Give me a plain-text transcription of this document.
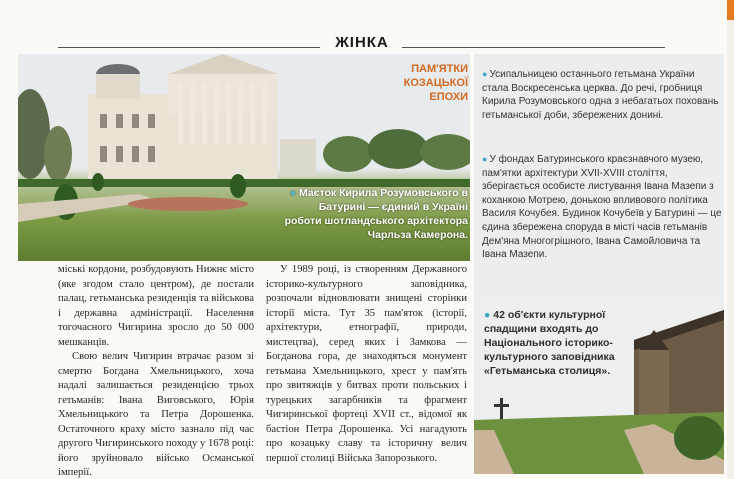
ЖІНКА
ПАМ'ЯТКИ
КОЗАЦЬКОЇ
ЕПОХИ
● Маєток Кирила Розумовського в Батурині — єдиний в Україні роботи шотландського архітектора Чарльза Камерона.

міські кордони, розбудовують Нижнє місто (яке згодом стало центром), де постали палац, гетьманська резиденція та військова і державна адміністрації. Населення тогочасного Чигирина зросло до 50 000 мешканців.

Свою велич Чигирин втрачає разом зі смертю Богдана Хмельницького, хоча надалі залишається резиденцією трьох гетьманів: Івана Виговського, Юрія Хмельницького та Петра Дорошенка. Остаточного краху місто зазнало під час другого Чигиринського походу у 1678 році: його зруйновало військо Османської імперії.

У 1989 році, із створенням Державного історико-культурного заповідника, розпочали відновлювати знищені сторінки історії міста. Тут 35 пам'яток (історії, архітектури, етнографії, природи, мистецтва), серед яких і Замкова — Богданова гора, де знаходяться монумент гетьмана Хмельницького, хрест у пам'ять про звитяжців у битвах проти польських і турецьких загарбників та фрагмент Чигиринської фортеці XVII ст., відомої як бастіон Петра Дорошенка. Усі нагадують про козацьку славу та історичну велич першої столиці Війська Запорозького.

● Усипальницею останнього гетьмана України стала Воскресенська церква. До речі, гробниця Кирила Розумовського одна з небагатьох поховань гетьманської доби, збережених донині.
● У фондах Батуринського краєзнавчого музею, пам'ятки архітектури XVII-XVIII століття, зберігається особисте листування Івана Мазепи з коханкою Мотрею, донькою впливового політика Василя Кочубея. Будинок Кочубеїв у Батурині — це єдина збережена споруда в місті часів гетьманів Дем'яна Многогрішного, Івана Самойловича та Івана Мазепи.
● 42 об'єкти культурної спадщини входять до Національного історико-культурного заповідника «Гетьманська столиця».
